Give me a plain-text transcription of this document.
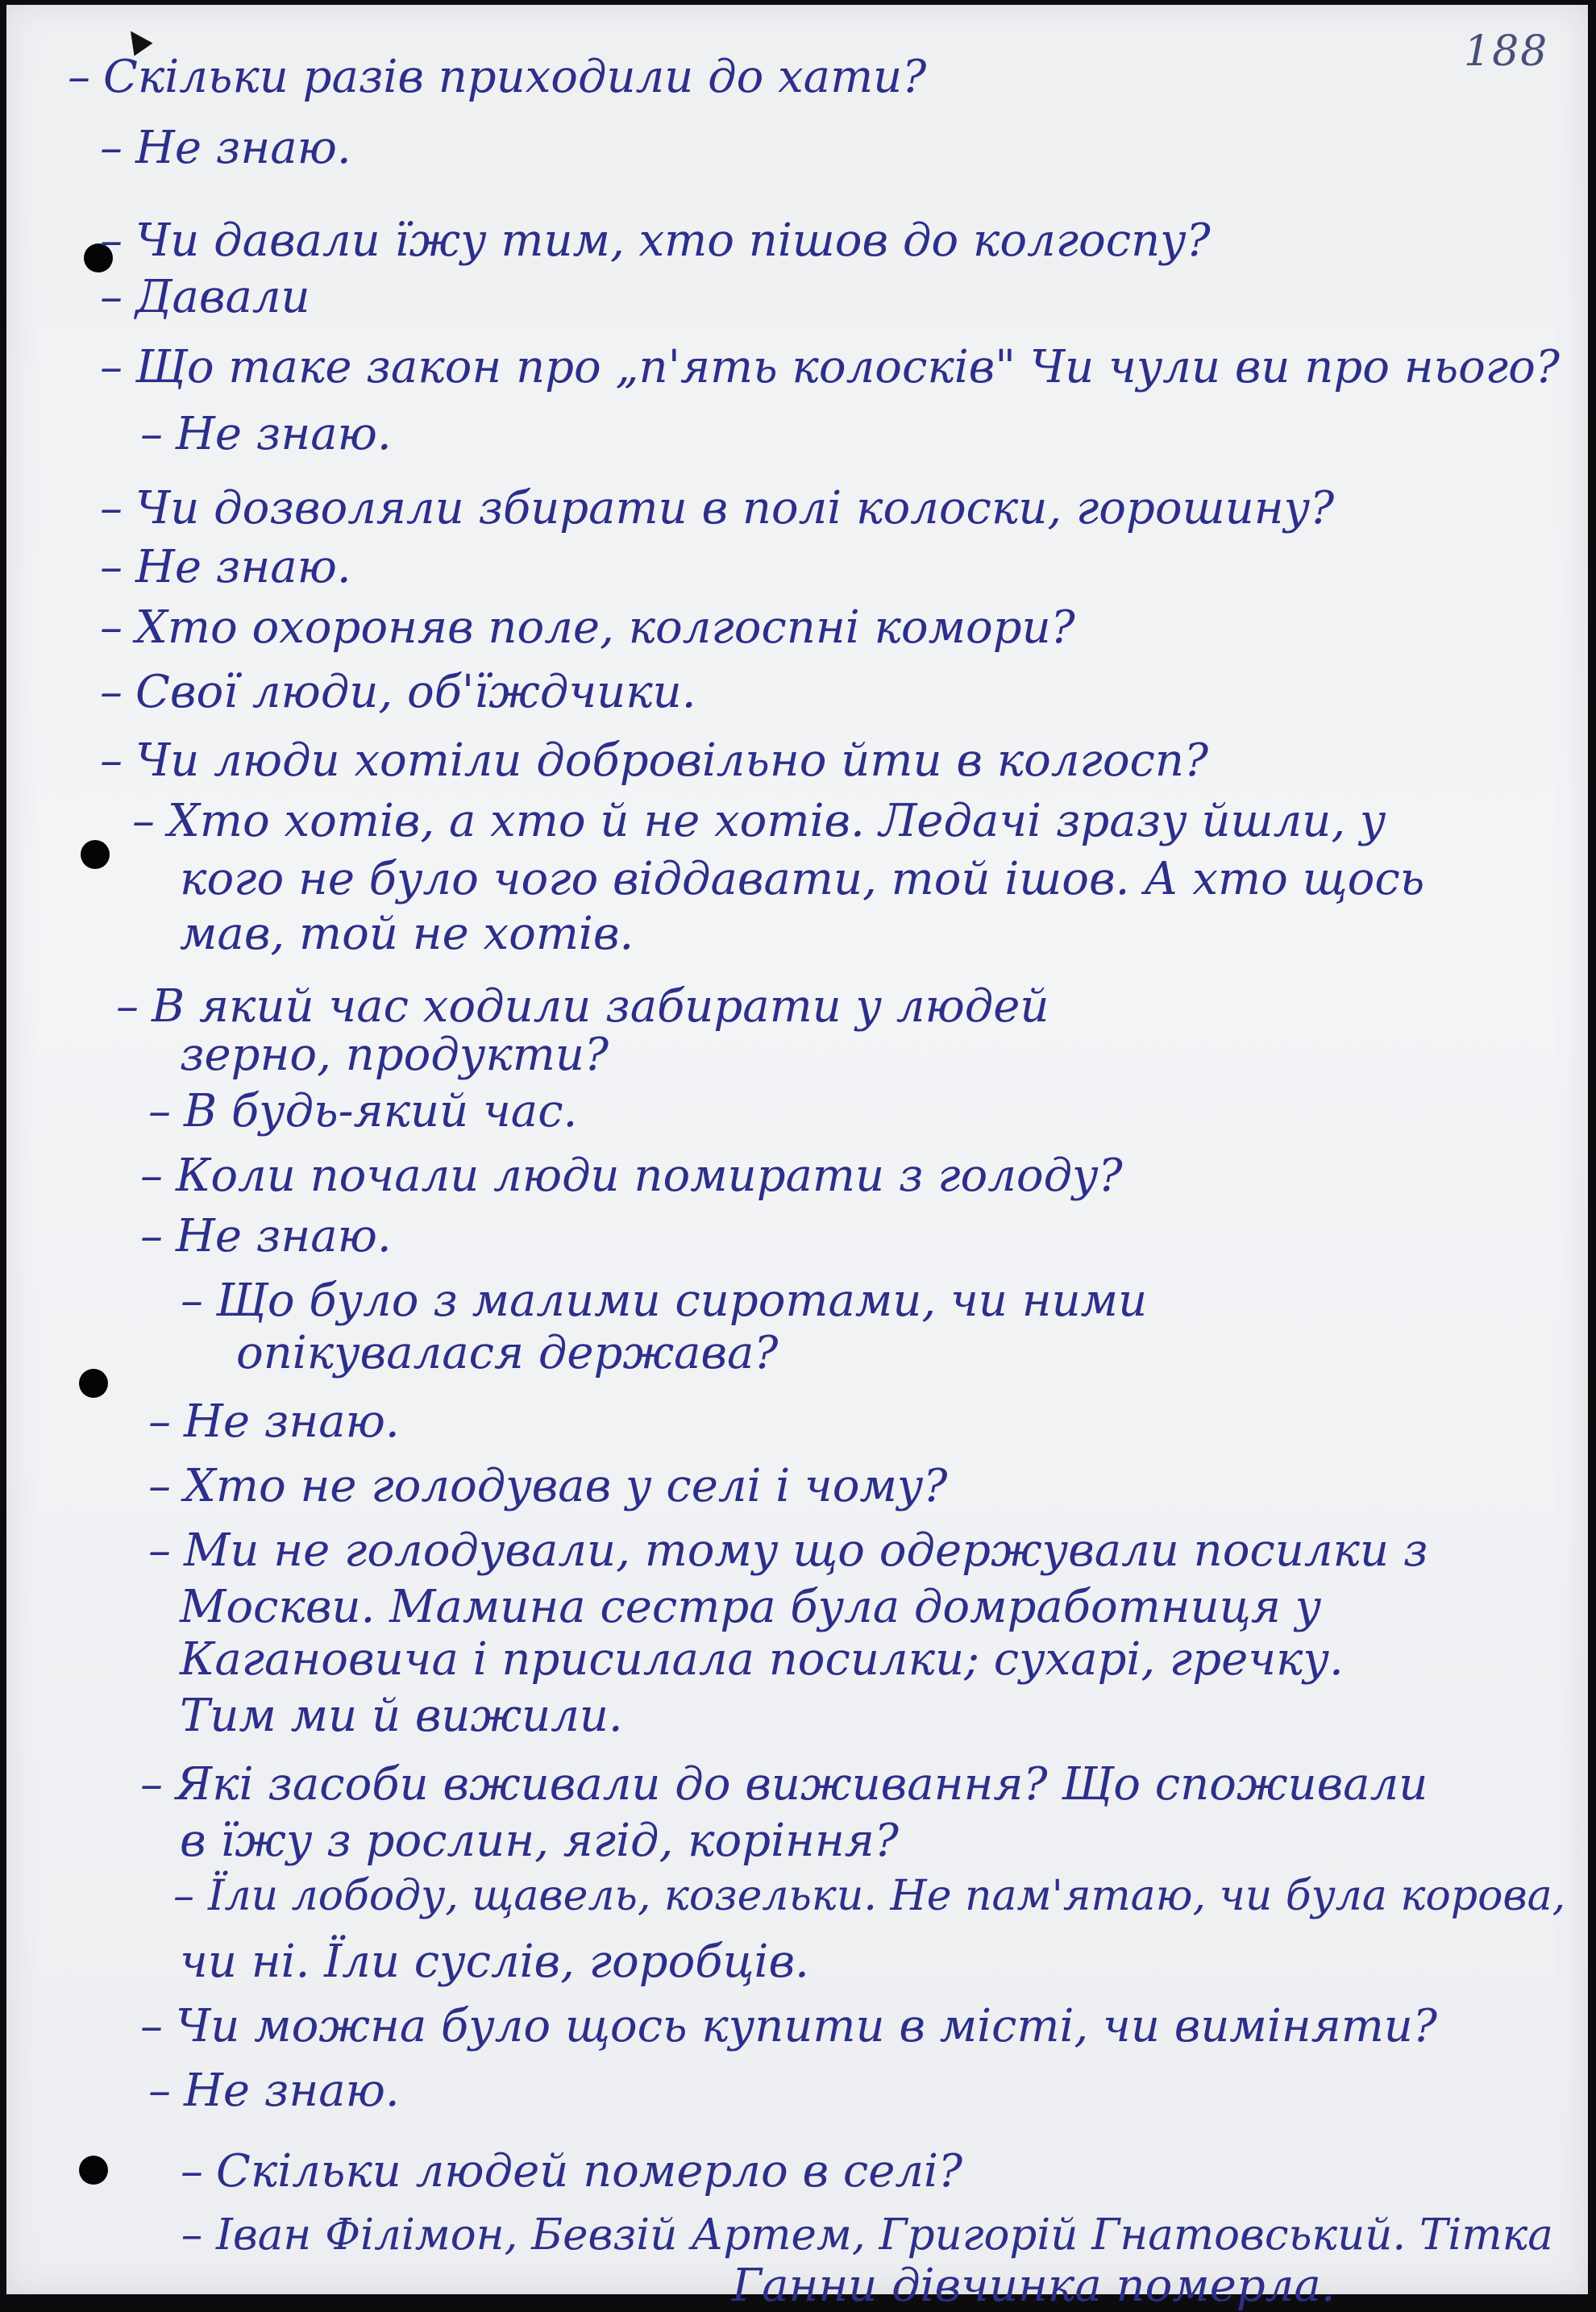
188
– Скільки разів приходили до хати?
– Не знаю.
– Чи давали їжу тим, хто пішов до колгоспу?
– Давали
– Що таке закон про „п'ять колосків" Чи чули ви про нього?
– Не знаю.
– Чи дозволяли збирати в полі колоски, горошину?
– Не знаю.
– Хто охороняв поле, колгоспні комори?
– Свої люди, об'їждчики.
– Чи люди хотіли добровільно йти в колгосп?
– Хто хотів, а хто й не хотів. Ледачі зразу йшли, у
кого не було чого віддавати, той ішов. А хто щось
мав, той не хотів.
– В який час ходили забирати у людей
зерно, продукти?
– В будь-який час.
– Коли почали люди помирати з голоду?
– Не знаю.
– Що було з малими сиротами, чи ними
опікувалася держава?
– Не знаю.
– Хто не голодував у селі і чому?
– Ми не голодували, тому що одержували посилки з
Москви. Мамина сестра була домработниця у
Кагановича і присилала посилки; сухарі, гречку.
Тим ми й вижили.
– Які засоби вживали до виживання? Що споживали
в їжу з рослин, ягід, коріння?
– Їли лободу, щавель, козельки. Не пам'ятаю, чи була корова,
чи ні. Їли суслів, горобців.
– Чи можна було щось купити в місті, чи виміняти?
– Не знаю.
– Скільки людей померло в селі?
– Іван Філімон, Бевзій Артем, Григорій Гнатовський. Тітка
Ганни дівчинка померла.
